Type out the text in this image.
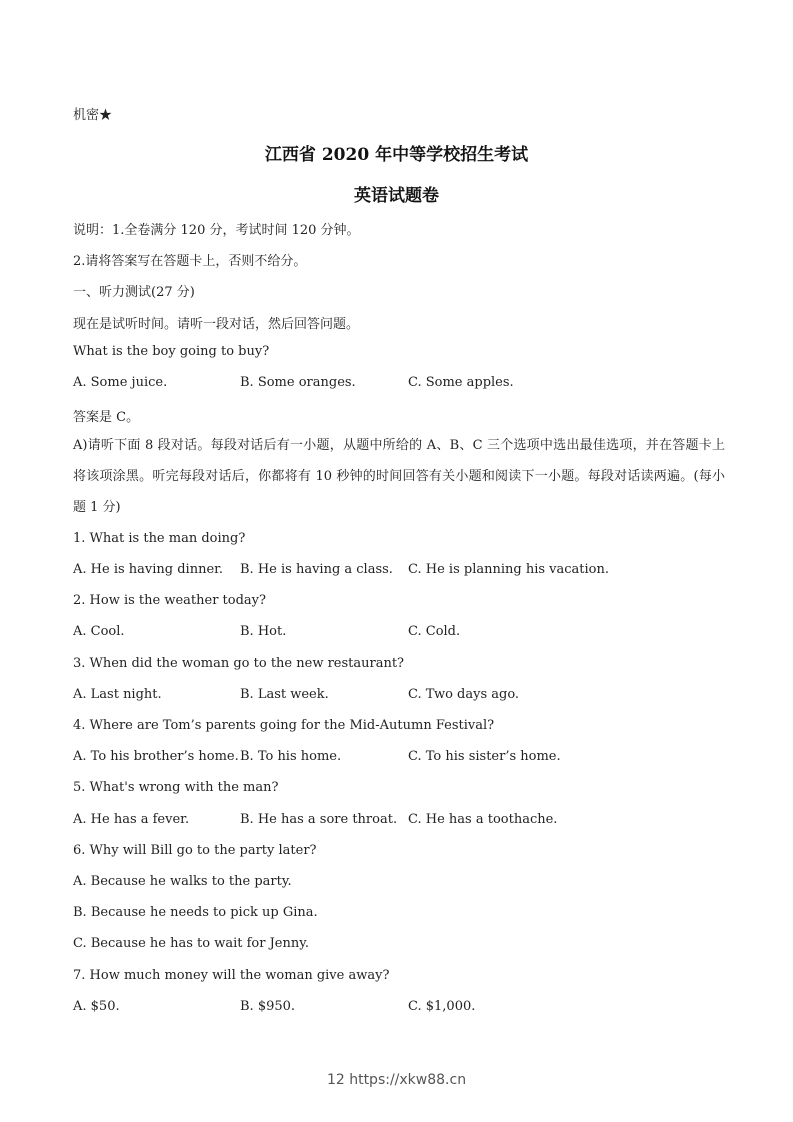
机密★
江西省 2020 年中等学校招生考试
英语试题卷
说明：1.全卷满分 120 分，考试时间 120 分钟。
2.请将答案写在答题卡上，否则不给分。
一、听力测试(27 分)
现在是试听时间。请听一段对话，然后回答问题。
What is the boy going to buy?
A. Some juice.	B. Some oranges.	C. Some apples.
答案是 C。
A)请听下面 8 段对话。每段对话后有一小题，从题中所给的 A、B、C 三个选项中选出最佳选项，并在答题卡上将该项涂黑。听完每段对话后，你都将有 10 秒钟的时间回答有关小题和阅读下一小题。每段对话读两遍。(每小题 1 分)
1. What is the man doing?
A. He is having dinner. B. He is having a class. C. He is planning his vacation.
2. How is the weather today?
A. Cool.	B. Hot.	C. Cold.
3. When did the woman go to the new restaurant?
A. Last night.	B. Last week.	C. Two days ago.
4. Where are Tom’s parents going for the Mid-Autumn Festival?
A. To his brother’s home. B. To his home.	C. To his sister’s home.
5. What's wrong with the man?
A. He has a fever.	B. He has a sore throat. C. He has a toothache.
6. Why will Bill go to the party later?
A. Because he walks to the party.
B. Because he needs to pick up Gina.
C. Because he has to wait for Jenny.
7. How much money will the woman give away?
A. $50.	B. $950.	C. $1,000.
12 https://xkw88.cn
